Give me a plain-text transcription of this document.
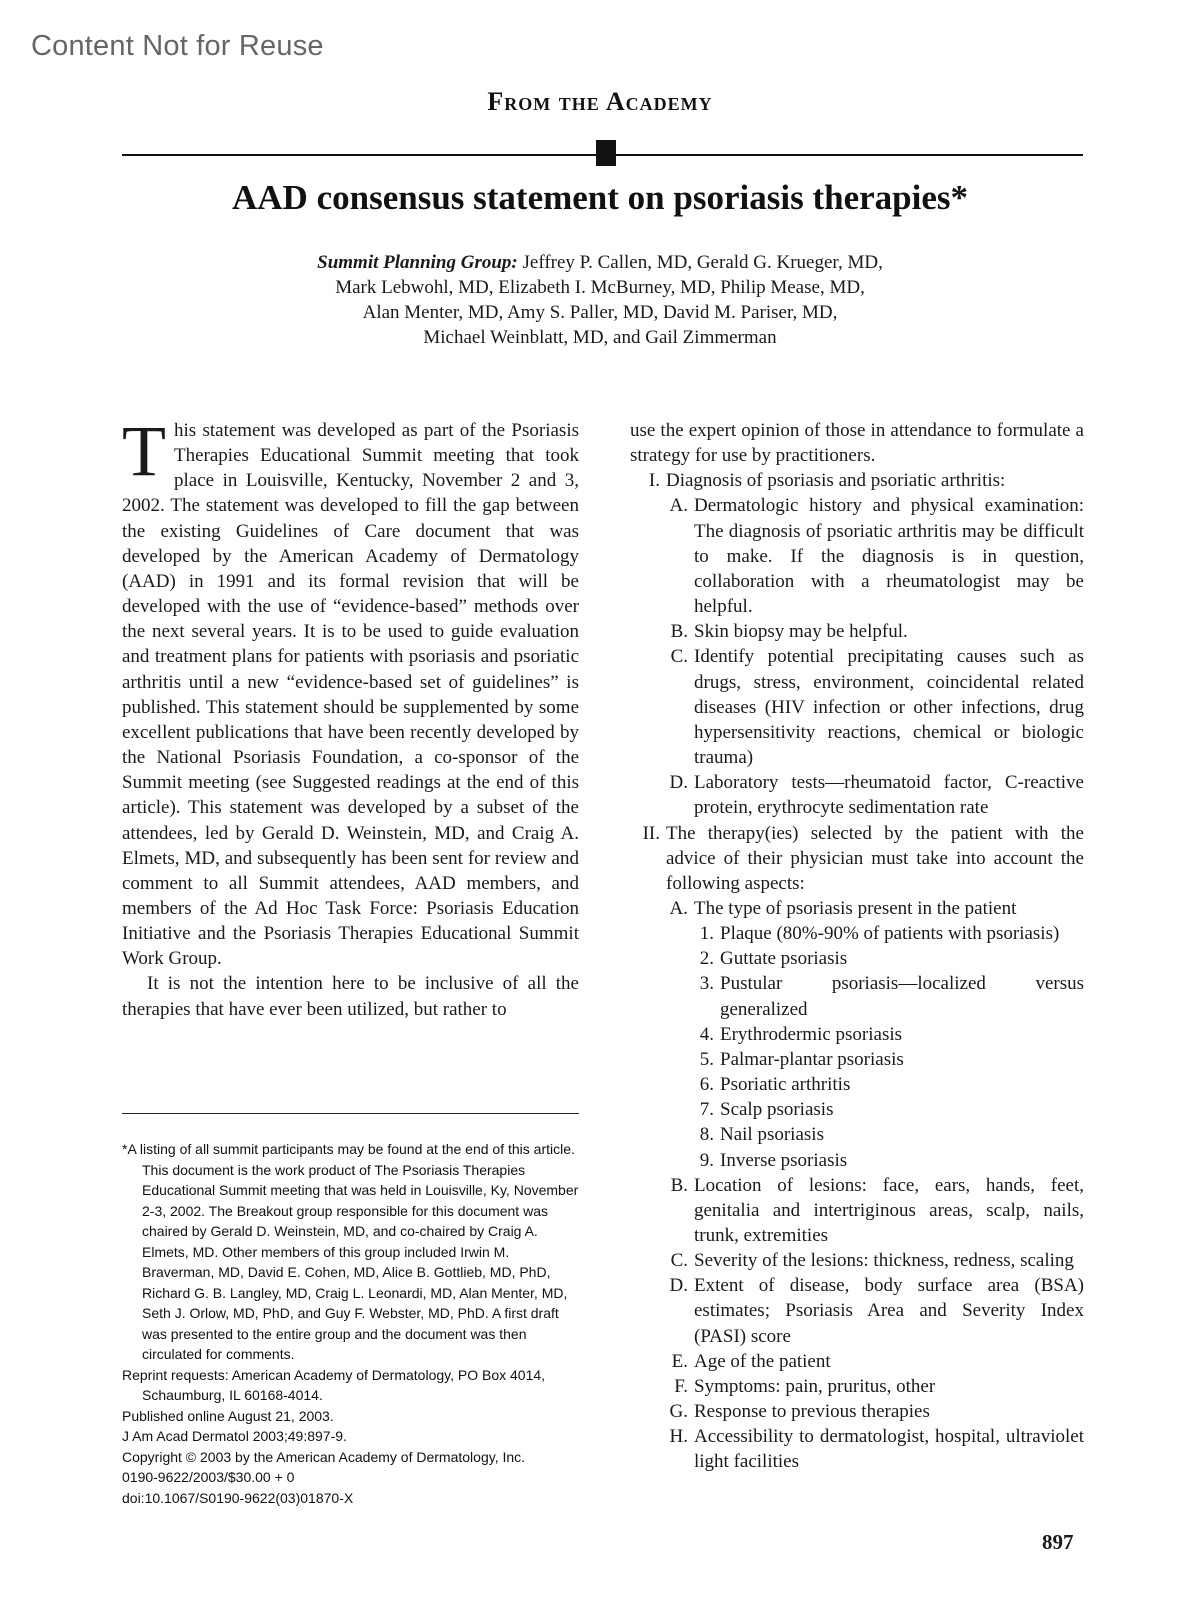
Content Not for Reuse
From the Academy
AAD consensus statement on psoriasis therapies*
Summit Planning Group: Jeffrey P. Callen, MD, Gerald G. Krueger, MD,
Mark Lebwohl, MD, Elizabeth I. McBurney, MD, Philip Mease, MD,
Alan Menter, MD, Amy S. Paller, MD, David M. Pariser, MD,
Michael Weinblatt, MD, and Gail Zimmerman

This statement was developed as part of the Psoriasis Therapies Educational Summit meeting that took place in Louisville, Kentucky, November 2 and 3, 2002. The statement was developed to fill the gap between the existing Guidelines of Care document that was developed by the American Academy of Dermatology (AAD) in 1991 and its formal revision that will be developed with the use of “evidence-based” methods over the next several years. It is to be used to guide evaluation and treatment plans for patients with psoriasis and psoriatic arthritis until a new “evidence-based set of guidelines” is published. This statement should be supplemented by some excellent publications that have been recently developed by the National Psoriasis Foundation, a co-sponsor of the Summit meeting (see Suggested readings at the end of this article). This statement was developed by a subset of the attendees, led by Gerald D. Weinstein, MD, and Craig A. Elmets, MD, and subsequently has been sent for review and comment to all Summit attendees, AAD members, and members of the Ad Hoc Task Force: Psoriasis Education Initiative and the Psoriasis Therapies Educational Summit Work Group.

It is not the intention here to be inclusive of all the therapies that have ever been utilized, but rather to

*A listing of all summit participants may be found at the end of this article. This document is the work product of The Psoriasis Therapies Educational Summit meeting that was held in Louisville, Ky, November 2-3, 2002. The Breakout group responsible for this document was chaired by Gerald D. Weinstein, MD, and co-chaired by Craig A. Elmets, MD. Other members of this group included Irwin M. Braverman, MD, David E. Cohen, MD, Alice B. Gottlieb, MD, PhD, Richard G. B. Langley, MD, Craig L. Leonardi, MD, Alan Menter, MD, Seth J. Orlow, MD, PhD, and Guy F. Webster, MD, PhD. A first draft was presented to the entire group and the document was then circulated for comments.

Reprint requests: American Academy of Dermatology, PO Box 4014, Schaumburg, IL 60168-4014.

Published online August 21, 2003.

J Am Acad Dermatol 2003;49:897-9.

Copyright © 2003 by the American Academy of Dermatology, Inc.

0190-9622/2003/$30.00 + 0

doi:10.1067/S0190-9622(03)01870-X

use the expert opinion of those in attendance to formulate a strategy for use by practitioners.

I. Diagnosis of psoriasis and psoriatic arthritis:
A. Dermatologic history and physical examination: The diagnosis of psoriatic arthritis may be difficult to make. If the diagnosis is in question, collaboration with a rheumatologist may be helpful.
B. Skin biopsy may be helpful.
C. Identify potential precipitating causes such as drugs, stress, environment, coincidental related diseases (HIV infection or other infections, drug hypersensitivity reactions, chemical or biologic trauma)
D. Laboratory tests—rheumatoid factor, C-reactive protein, erythrocyte sedimentation rate
II. The therapy(ies) selected by the patient with the advice of their physician must take into account the following aspects:
A. The type of psoriasis present in the patient
1. Plaque (80%-90% of patients with psoriasis)
2. Guttate psoriasis
3. Pustular psoriasis—localized versus generalized
4. Erythrodermic psoriasis
5. Palmar-plantar psoriasis
6. Psoriatic arthritis
7. Scalp psoriasis
8. Nail psoriasis
9. Inverse psoriasis
B. Location of lesions: face, ears, hands, feet, genitalia and intertriginous areas, scalp, nails, trunk, extremities
C. Severity of the lesions: thickness, redness, scaling
D. Extent of disease, body surface area (BSA) estimates; Psoriasis Area and Severity Index (PASI) score
E. Age of the patient
F. Symptoms: pain, pruritus, other
G. Response to previous therapies
H. Accessibility to dermatologist, hospital, ultraviolet light facilities
897
